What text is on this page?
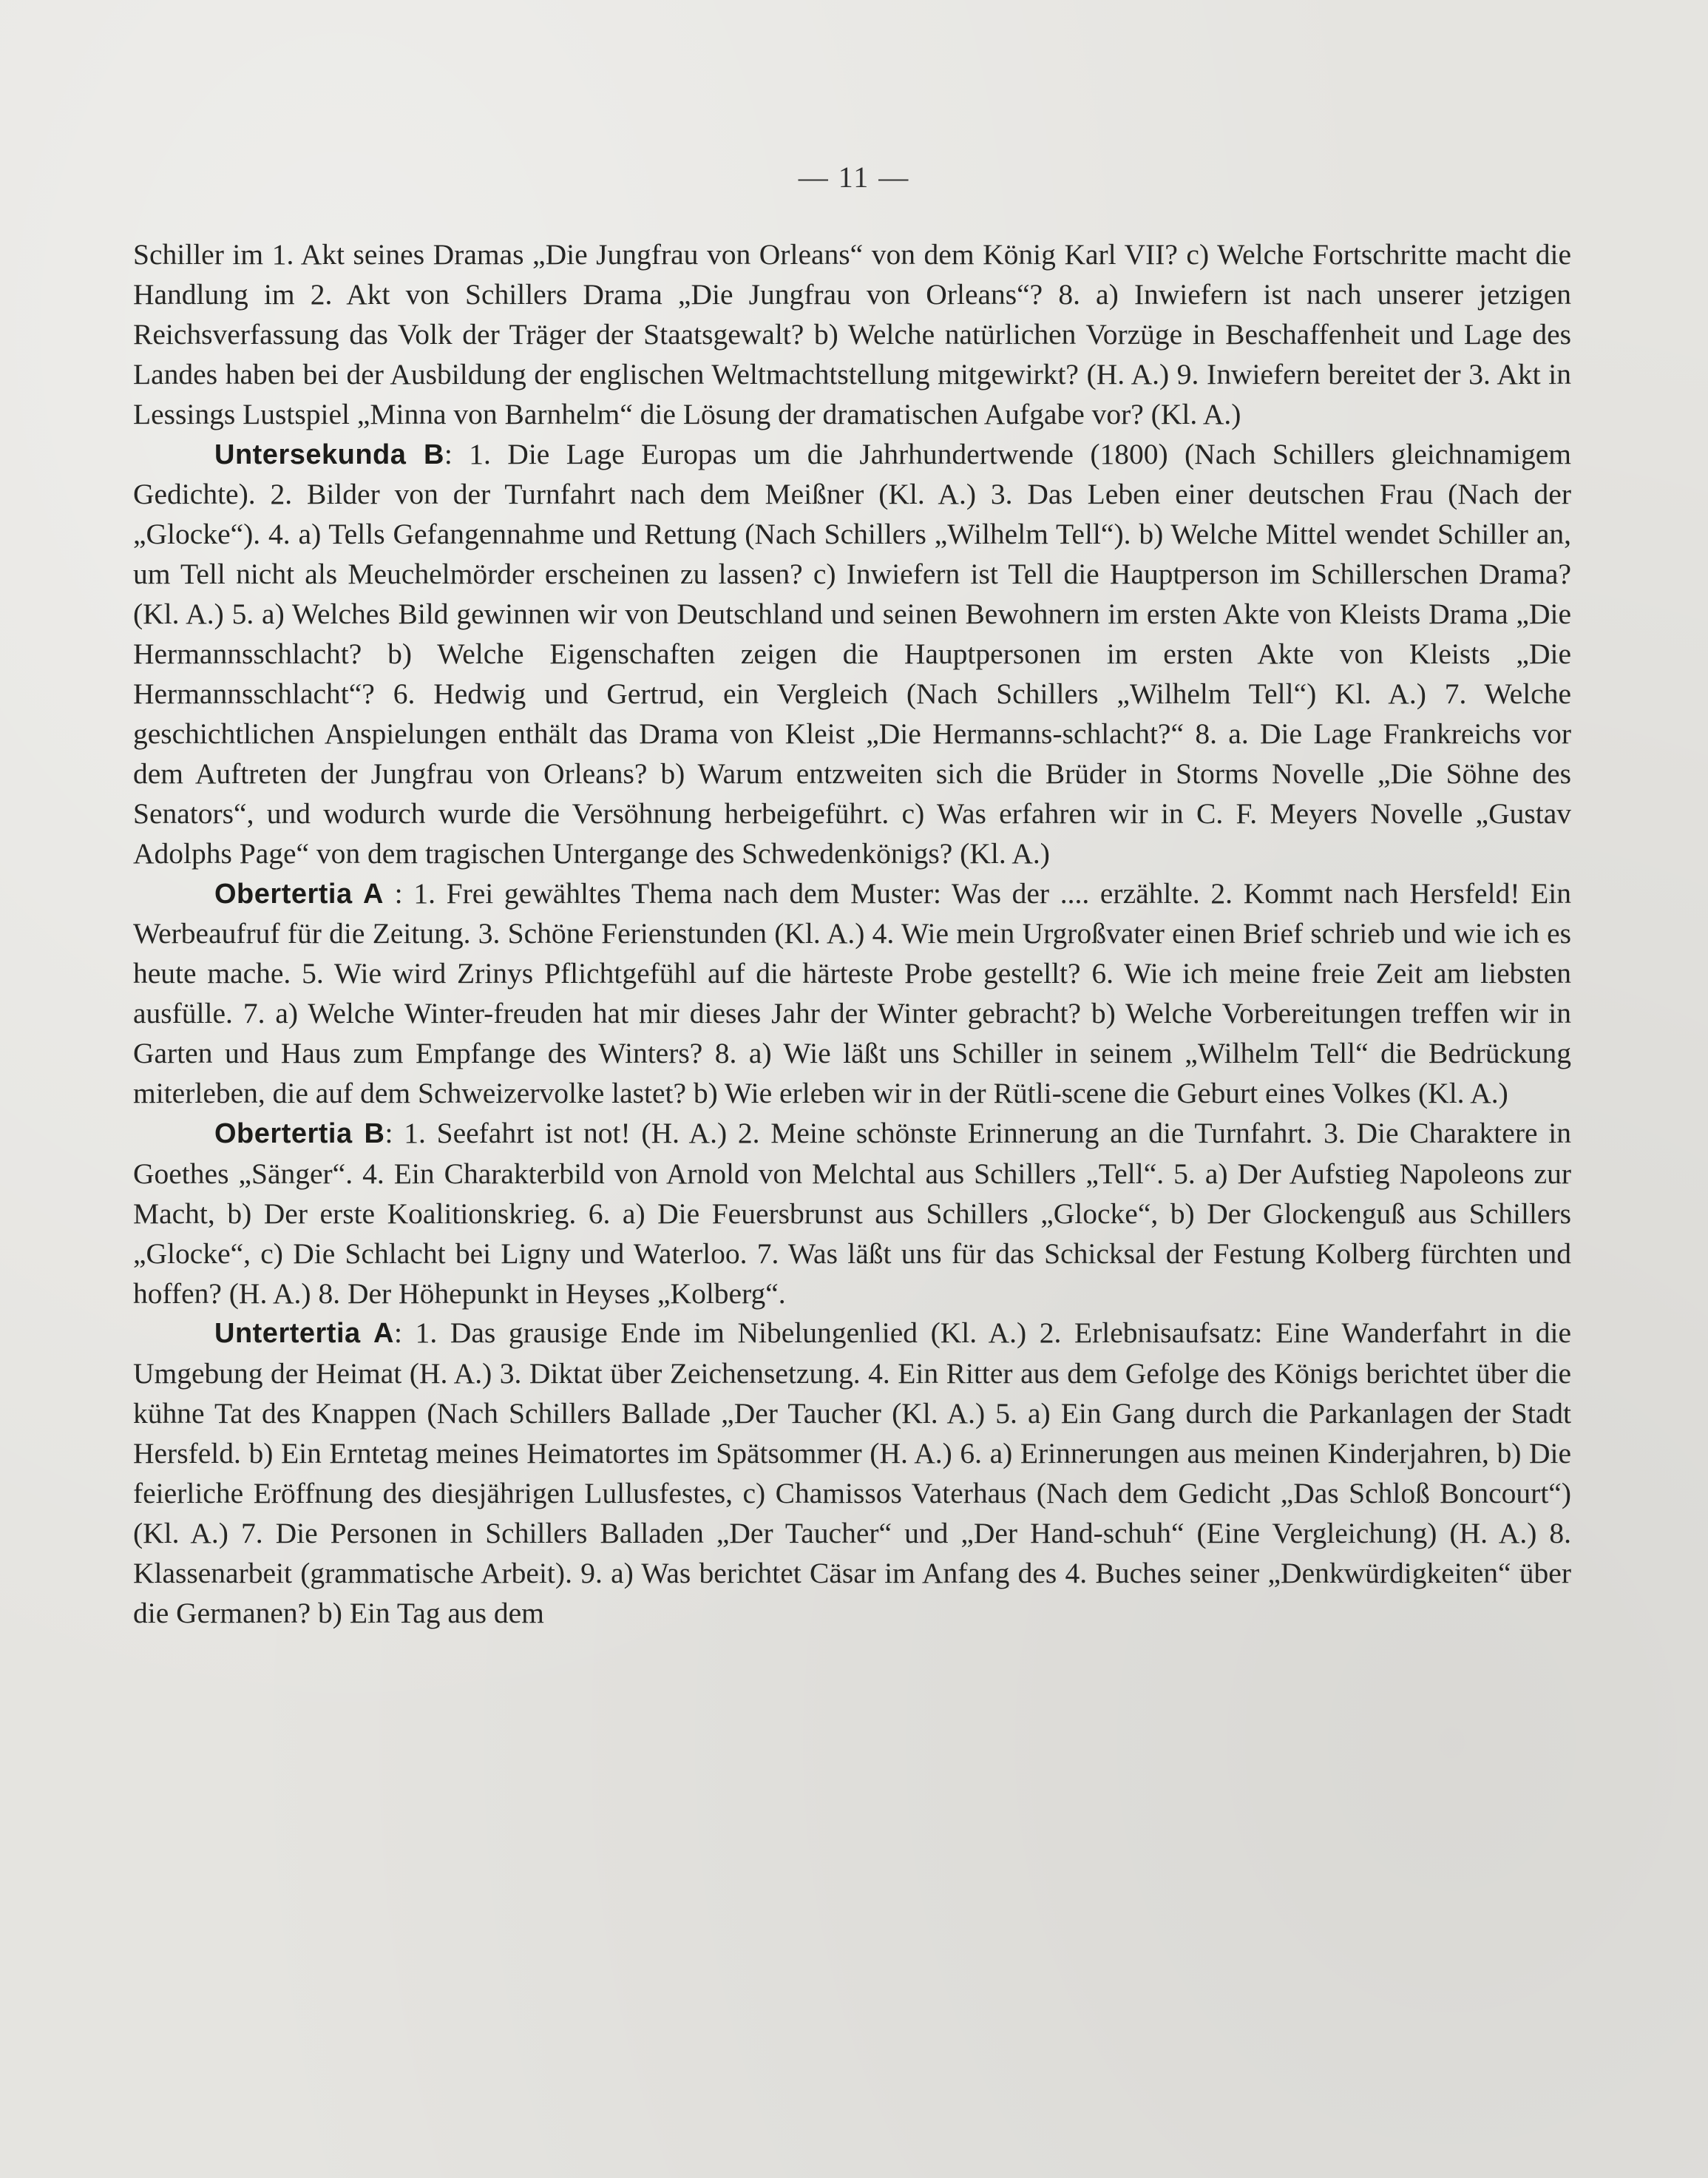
— 11 —

Schiller im 1. Akt seines Dramas „Die Jungfrau von Orleans“ von dem König Karl VII? c) Welche Fortschritte macht die Handlung im 2. Akt von Schillers Drama „Die Jungfrau von Orleans“? 8. a) Inwiefern ist nach unserer jetzigen Reichsverfassung das Volk der Träger der Staatsgewalt? b) Welche natürlichen Vorzüge in Beschaffenheit und Lage des Landes haben bei der Ausbildung der englischen Weltmachtstellung mitgewirkt? (H. A.) 9. Inwiefern bereitet der 3. Akt in Lessings Lustspiel „Minna von Barnhelm“ die Lösung der dramatischen Aufgabe vor? (Kl. A.)

Untersekunda B: 1. Die Lage Europas um die Jahrhundertwende (1800) (Nach Schillers gleichnamigem Gedichte). 2. Bilder von der Turnfahrt nach dem Meißner (Kl. A.) 3. Das Leben einer deutschen Frau (Nach der „Glocke“). 4. a) Tells Gefangennahme und Rettung (Nach Schillers „Wilhelm Tell“). b) Welche Mittel wendet Schiller an, um Tell nicht als Meuchelmörder erscheinen zu lassen? c) Inwiefern ist Tell die Hauptperson im Schillerschen Drama? (Kl. A.) 5. a) Welches Bild gewinnen wir von Deutschland und seinen Bewohnern im ersten Akte von Kleists Drama „Die Hermannsschlacht? b) Welche Eigenschaften zeigen die Hauptpersonen im ersten Akte von Kleists „Die Hermannsschlacht“? 6. Hedwig und Gertrud, ein Vergleich (Nach Schillers „Wilhelm Tell“) Kl. A.) 7. Welche geschichtlichen Anspielungen enthält das Drama von Kleist „Die Hermanns-schlacht?“ 8. a. Die Lage Frankreichs vor dem Auftreten der Jungfrau von Orleans? b) Warum entzweiten sich die Brüder in Storms Novelle „Die Söhne des Senators“, und wodurch wurde die Versöhnung herbeigeführt. c) Was erfahren wir in C. F. Meyers Novelle „Gustav Adolphs Page“ von dem tragischen Untergange des Schwedenkönigs? (Kl. A.)

Obertertia A : 1. Frei gewähltes Thema nach dem Muster: Was der .... erzählte. 2. Kommt nach Hersfeld! Ein Werbeaufruf für die Zeitung. 3. Schöne Ferienstunden (Kl. A.) 4. Wie mein Urgroßvater einen Brief schrieb und wie ich es heute mache. 5. Wie wird Zrinys Pflichtgefühl auf die härteste Probe gestellt? 6. Wie ich meine freie Zeit am liebsten ausfülle. 7. a) Welche Winter-freuden hat mir dieses Jahr der Winter gebracht? b) Welche Vorbereitungen treffen wir in Garten und Haus zum Empfange des Winters? 8. a) Wie läßt uns Schiller in seinem „Wilhelm Tell“ die Bedrückung miterleben, die auf dem Schweizervolke lastet? b) Wie erleben wir in der Rütli-scene die Geburt eines Volkes (Kl. A.)

Obertertia B: 1. Seefahrt ist not! (H. A.) 2. Meine schönste Erinnerung an die Turnfahrt. 3. Die Charaktere in Goethes „Sänger“. 4. Ein Charakterbild von Arnold von Melchtal aus Schillers „Tell“. 5. a) Der Aufstieg Napoleons zur Macht, b) Der erste Koalitionskrieg. 6. a) Die Feuersbrunst aus Schillers „Glocke“, b) Der Glockenguß aus Schillers „Glocke“, c) Die Schlacht bei Ligny und Waterloo. 7. Was läßt uns für das Schicksal der Festung Kolberg fürchten und hoffen? (H. A.) 8. Der Höhepunkt in Heyses „Kolberg“.

Untertertia A: 1. Das grausige Ende im Nibelungenlied (Kl. A.) 2. Erlebnisaufsatz: Eine Wanderfahrt in die Umgebung der Heimat (H. A.) 3. Diktat über Zeichensetzung. 4. Ein Ritter aus dem Gefolge des Königs berichtet über die kühne Tat des Knappen (Nach Schillers Ballade „Der Taucher (Kl. A.) 5. a) Ein Gang durch die Parkanlagen der Stadt Hersfeld. b) Ein Erntetag meines Heimatortes im Spätsommer (H. A.) 6. a) Erinnerungen aus meinen Kinderjahren, b) Die feierliche Eröffnung des diesjährigen Lullusfestes, c) Chamissos Vaterhaus (Nach dem Gedicht „Das Schloß Boncourt“) (Kl. A.) 7. Die Personen in Schillers Balladen „Der Taucher“ und „Der Hand-schuh“ (Eine Vergleichung) (H. A.) 8. Klassenarbeit (grammatische Arbeit). 9. a) Was berichtet Cäsar im Anfang des 4. Buches seiner „Denkwürdigkeiten“ über die Germanen? b) Ein Tag aus dem
